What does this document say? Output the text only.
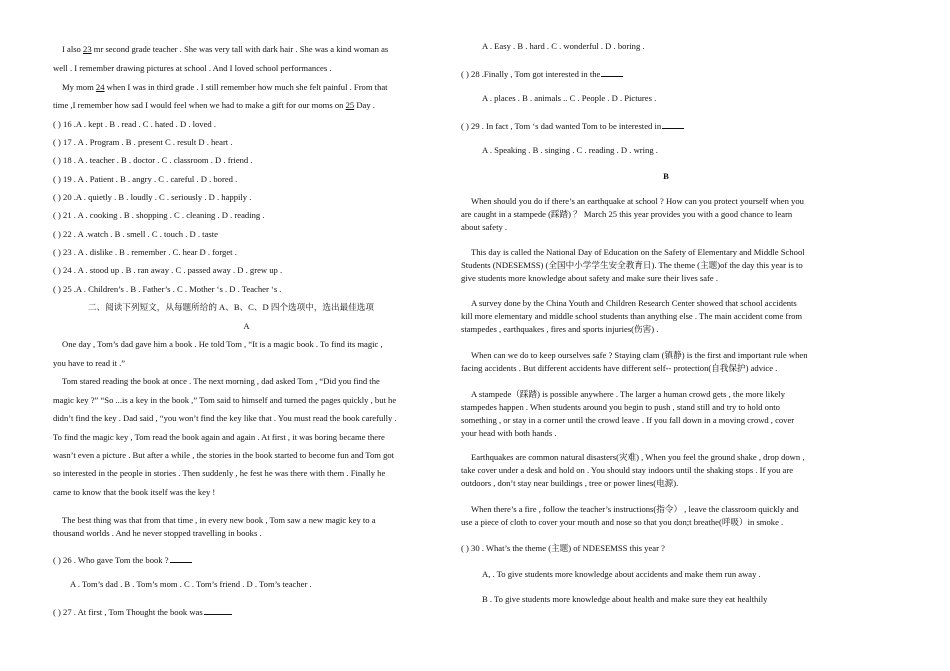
I also 23 mr second grade teacher . She was very tall with dark hair . She was a kind woman as
well . I remember drawing pictures at school . And I loved school performances .
My mom 24 when I was in third grade . I still remember how much she felt painful . From that
time ,I remember how sad I would feel when we had to make a gift for our moms on 25 Day .
( ) 16 .A . kept . B . read . C . hated . D . loved .
( ) 17 . A . Program . B . present C . result D . heart .
( ) 18 . A . teacher . B . doctor . C . classroom . D . friend .
( ) 19 . A . Patient . B . angry . C . careful . D . bored .
( ) 20 .A . quietly . B . loudly . C . seriously . D . happily .
( ) 21 . A . cooking . B . shopping . C . cleaning . D . reading .
( ) 22 . A .watch . B . smell . C . touch . D . taste
( ) 23 . A . dislike . B . remember . C. hear D . forget .
( ) 24 . A . stood up . B . ran away . C . passed away . D . grew up .
( ) 25 .A . Children’s . B . Father’s . C . Mother ‘s . D . Teacher ‘s .
二、阅读下列短文，从每题所给的 A、B、C、D 四个选项中，选出最佳选项
A
One day , Tom’s dad gave him a book . He told Tom , “It is a magic book . To find its magic ,
you have to read it .”
Tom stared reading the book at once . The next morning , dad asked Tom , “Did you find the
magic key ?” “So ...is a key in the book ,” Tom said to himself and turned the pages quickly , but he
didn’t find the key . Dad said , “you won’t find the key like that . You must read the book carefully .
To find the magic key , Tom read the book again and again . At first , it was boring became there
wasn’t even a picture . But after a while , the stories in the book started to become fun and Tom got
so interested in the people in stories . Then suddenly , he fest he was there with them . Finally he
came to know that the book itself was the key !
The best thing was that from that time , in every new book , Tom saw a new magic key to a
thousand worlds . And he never stopped travelling in books .
( ) 26 . Who gave Tom the book ?
A . Tom’s dad . B . Tom’s mom . C . Tom’s friend . D . Tom’s teacher .
( ) 27 . At first , Tom Thought the book was
A . Easy . B . hard . C . wonderful . D . boring .
( ) 28 .Finally , Tom got interested in the
A . places . B . animals .. C . People . D . Pictures .
( ) 29 . In fact , Tom ‘s dad wanted Tom to be interested in
A . Speaking . B . singing . C . reading . D . wring .
B
When should you do if there’s an earthquake at school ? How can you protect yourself when you
are caught in a stampede (踩踏) ？ March 25 this year provides you with a good chance to learn
about safety .
This day is called the National Day of Education on the Safety of Elementary and Middle School
Students (NDESEMSS) (全国中小学学生安全教育日). The theme (主题)of the day this year is to
give students more knowledge about safety and make sure their lives safe .
A survey done by the China Youth and Children Research Center showed that school accidents
kill more elementary and middle school students than anything else . The main accident come from
stampedes , earthquakes , fires and sports injuries(伤害) .
When can we do to keep ourselves safe ? Staying clam (镇静) is the first and important rule when
facing accidents . But different accidents have different self-- protection(自我保护) advice .
A stampede（踩踏) is possible anywhere . The larger a human crowd gets , the more likely
stampedes happen . When students around you begin to push , stand still and try to hold onto
something , or stay in a corner until the crowd leave . If you fall down in a moving crowd , cover
your head with both hands .
Earthquakes are common natural disasters(灾难) , When you feel the ground shake , drop down ,
take cover under a desk and hold on . You should stay indoors until the shaking stops . If you are
outdoors , don’t stay near buildings , tree or power lines(电源).
When there’s a fire , follow the teacher’s instructions(指令） , leave the classroom quickly and
use a piece of cloth to cover your mouth and nose so that you don;t breathe(呼吸）in smoke .
( ) 30 . What’s the theme (主题) of NDESEMSS this year ?
A, . To give students more knowledge about accidents and make them run away .
B . To give students more knowledge about health and make sure they eat healthily
